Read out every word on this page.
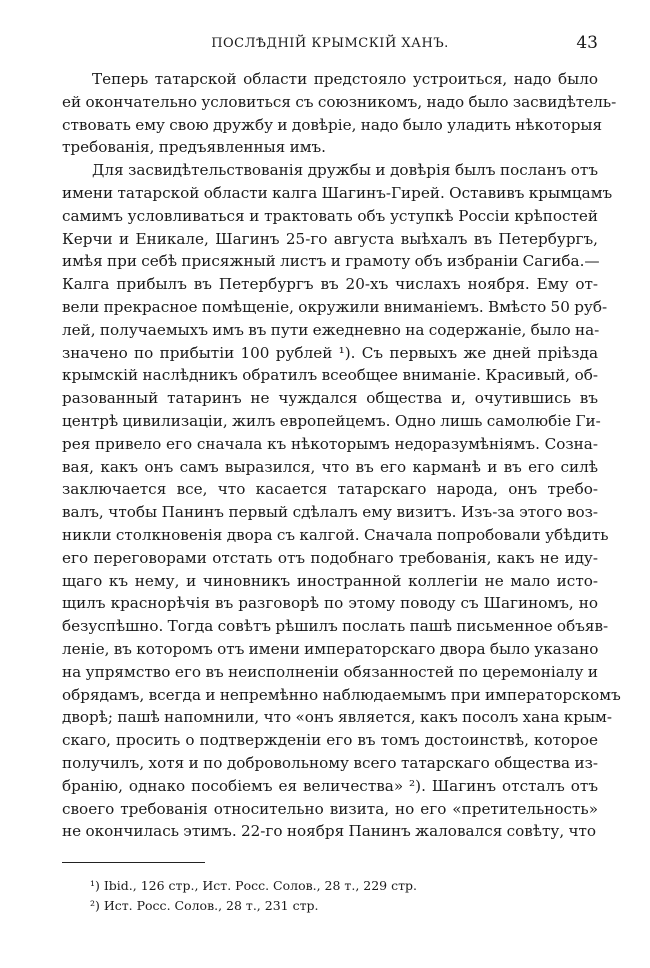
ПОСЛѢДНІЙ КРЫМСКІЙ ХАНЪ.	43
Теперь татарской области предстояло устроиться, надо было
ей окончательно условиться съ союзникомъ, надо было засвидѣтель-
ствовать ему свою дружбу и довѣріе, надо было уладить нѣкоторыя
требованія, предъявленныя имъ.
Для засвидѣтельствованія дружбы и довѣрія былъ посланъ отъ
имени татарской области калга Шагинъ-Гирей. Оставивъ крымцамъ
самимъ условливаться и трактовать объ уступкѣ Россіи крѣпостей
Керчи и Еникале, Шагинъ 25-го августа выѣхалъ въ Петербургъ,
имѣя при себѣ присяжный листъ и грамоту объ избраніи Сагиба.—
Калга прибылъ въ Петербургъ въ 20-хъ числахъ ноября. Ему от-
вели прекрасное помѣщеніе, окружили вниманіемъ. Вмѣсто 50 руб-
лей, получаемыхъ имъ въ пути ежедневно на содержаніе, было на-
значено по прибытіи 100 рублей ¹). Съ первыхъ же дней пріѣзда
крымскій наслѣдникъ обратилъ всеобщее вниманіе. Красивый, об-
разованный татаринъ не чуждался общества и, очутившись въ
центрѣ цивилизаціи, жилъ европейцемъ. Одно лишь самолюбіе Ги-
рея привело его сначала къ нѣкоторымъ недоразумѣніямъ. Созна-
вая, какъ онъ самъ выразился, что въ его карманѣ и въ его силѣ
заключается все, что касается татарскаго народа, онъ требо-
валъ, чтобы Панинъ первый сдѣлалъ ему визитъ. Изъ-за этого воз-
никли столкновенія двора съ калгой. Сначала попробовали убѣдить
его переговорами отстать отъ подобнаго требованія, какъ не иду-
щаго къ нему, и чиновникъ иностранной коллегіи не мало исто-
щилъ краснорѣчія въ разговорѣ по этому поводу съ Шагиномъ, но
безуспѣшно. Тогда совѣтъ рѣшилъ послать пашѣ письменное объяв-
леніе, въ которомъ отъ имени императорскаго двора было указано
на упрямство его въ неисполненіи обязанностей по церемоніалу и
обрядамъ, всегда и непремѣнно наблюдаемымъ при императорскомъ
дворѣ; пашѣ напомнили, что «онъ является, какъ посолъ хана крым-
скаго, просить о подтвержденіи его въ томъ достоинствѣ, которое
получилъ, хотя и по добровольному всего татарскаго общества из-
бранію, однако пособіемъ ея величества» ²). Шагинъ отсталъ отъ
своего требованія относительно визита, но его «претительность»
не окончилась этимъ. 22-го ноября Панинъ жаловался совѣту, что
¹) Ibid., 126 стр., Ист. Росс. Солов., 28 т., 229 стр.
²) Ист. Росс. Солов., 28 т., 231 стр.
